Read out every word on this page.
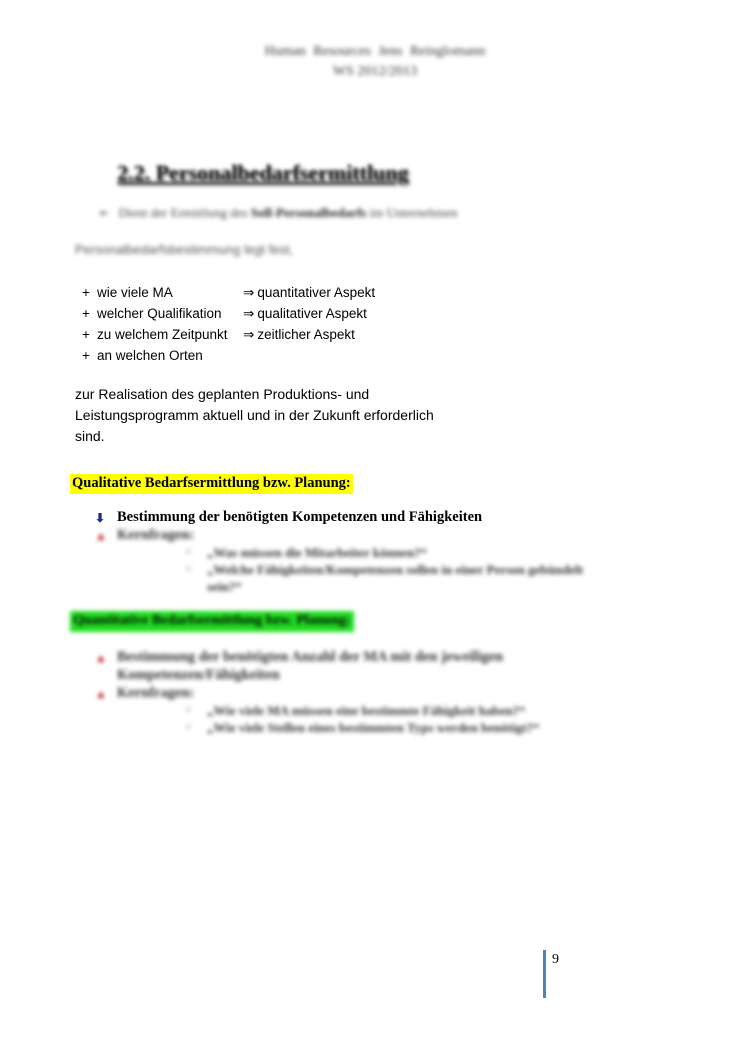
Human Resources Jens Reinglomann
WS 2012/2013
2.2. Personalbedarfsermittlung
➢ Dient der Ermittlung des Soll-Personalbedarfs im Unternehmen
Personalbedarfsbestimmung legt fest,
+ wie viele MA	⇒ quantitativer Aspekt
+ welcher Qualifikation	⇒ qualitativer Aspekt
+ zu welchem Zeitpunkt	⇒ zeitlicher Aspekt
+ an welchen Orten
zur Realisation des geplanten Produktions- und Leistungsprogramm aktuell und in der Zukunft erforderlich sind.
Qualitative Bedarfsermittlung bzw. Planung:
⬇ Bestimmung der benötigten Kompetenzen und Fähigkeiten
▲ Kernfragen:
○ „Was müssen die Mitarbeiter können?“
○ „Welche Fähigkeiten/Kompetenzen sollen in einer Person gebündelt
sein?“
Quantitative Bedarfsermittlung bzw. Planung:
▲ Bestimmung der benötigten Anzahl der MA mit den jeweiligen
Kompetenzen/Fähigkeiten
▲ Kernfragen:
○ „Wie viele MA müssen eine bestimmte Fähigkeit haben?“
○ „Wie viele Stellen eines bestimmten Typs werden benötigt?“
9
